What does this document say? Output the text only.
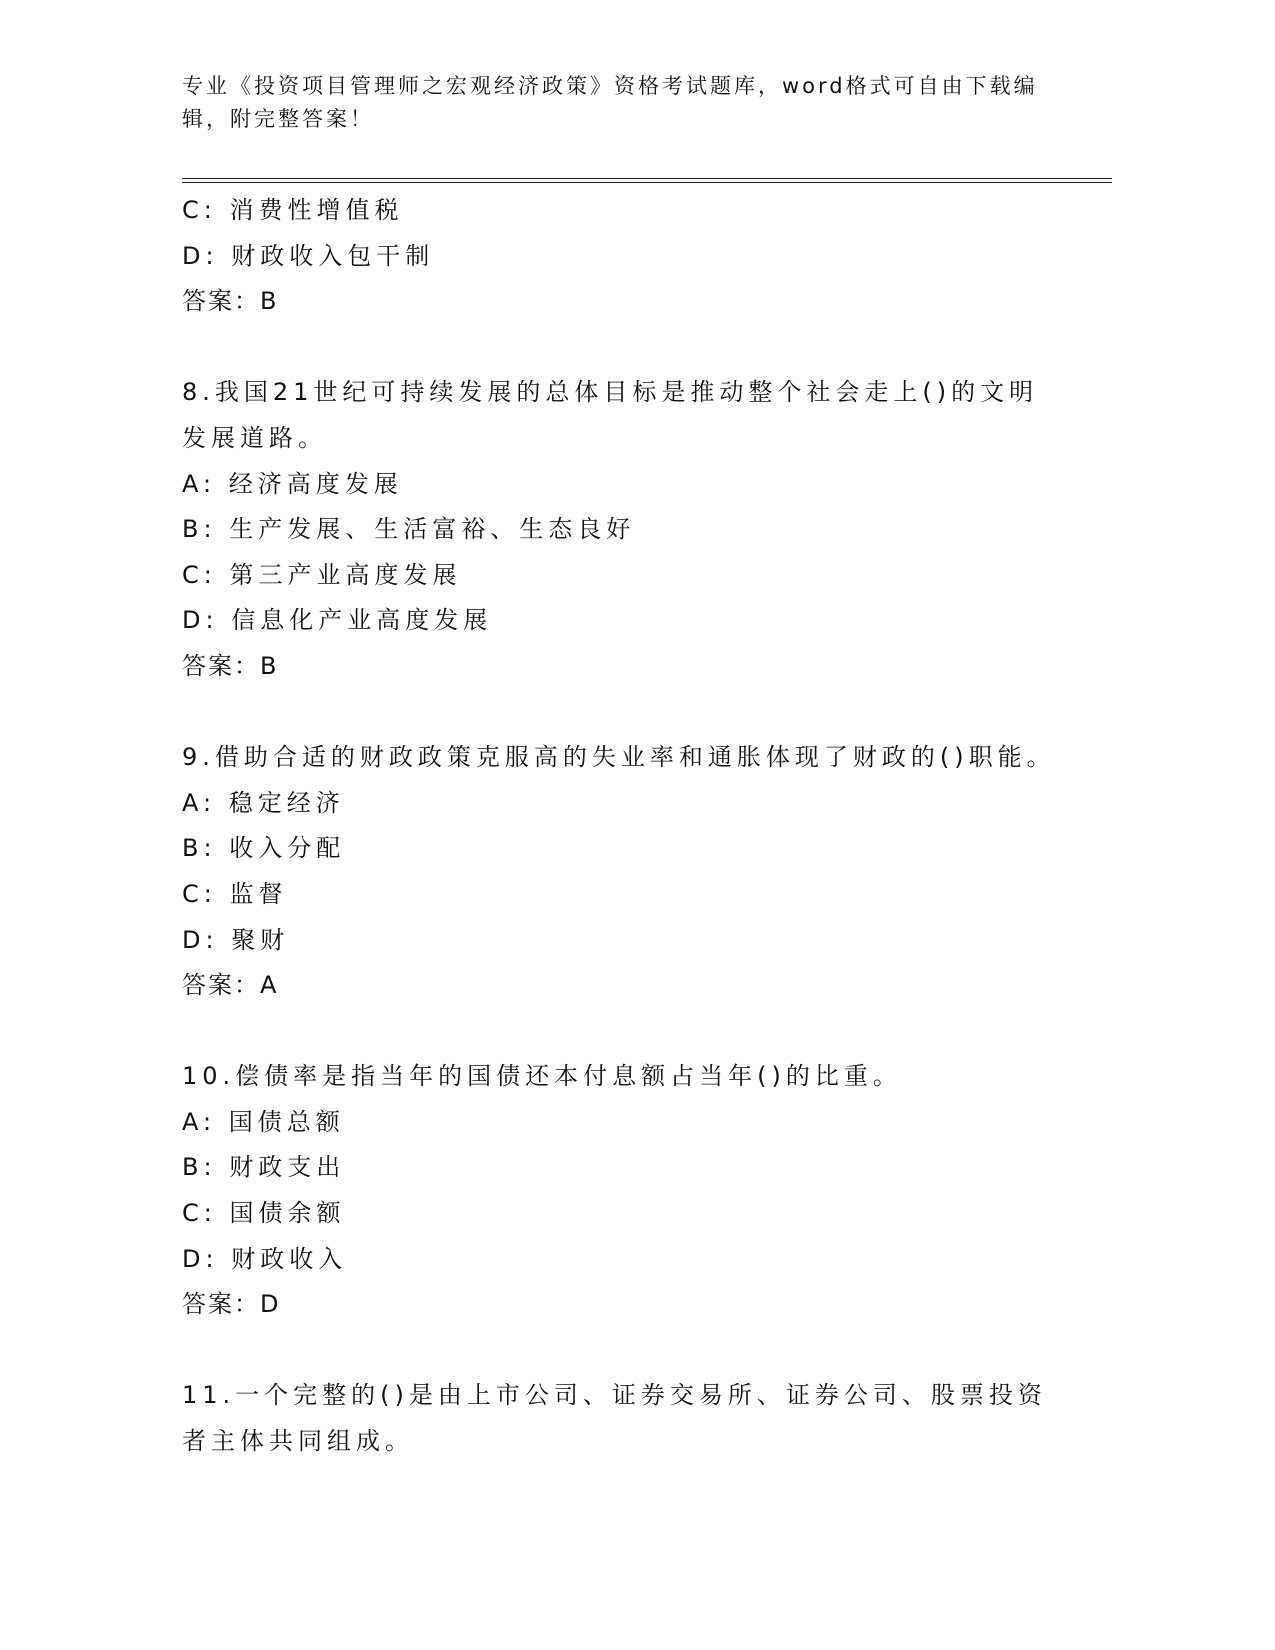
专业《投资项目管理师之宏观经济政策》资格考试题库，word格式可自由下载编辑，附完整答案！
C: 消费性增值税
D: 财政收入包干制
答案：B
8.我国21世纪可持续发展的总体目标是推动整个社会走上()的文明发展道路。
A: 经济高度发展
B: 生产发展、生活富裕、生态良好
C: 第三产业高度发展
D: 信息化产业高度发展
答案：B
9.借助合适的财政政策克服高的失业率和通胀体现了财政的()职能。
A: 稳定经济
B: 收入分配
C: 监督
D: 聚财
答案：A
10.偿债率是指当年的国债还本付息额占当年()的比重。
A: 国债总额
B: 财政支出
C: 国债余额
D: 财政收入
答案：D
11.一个完整的()是由上市公司、证券交易所、证券公司、股票投资者主体共同组成。
